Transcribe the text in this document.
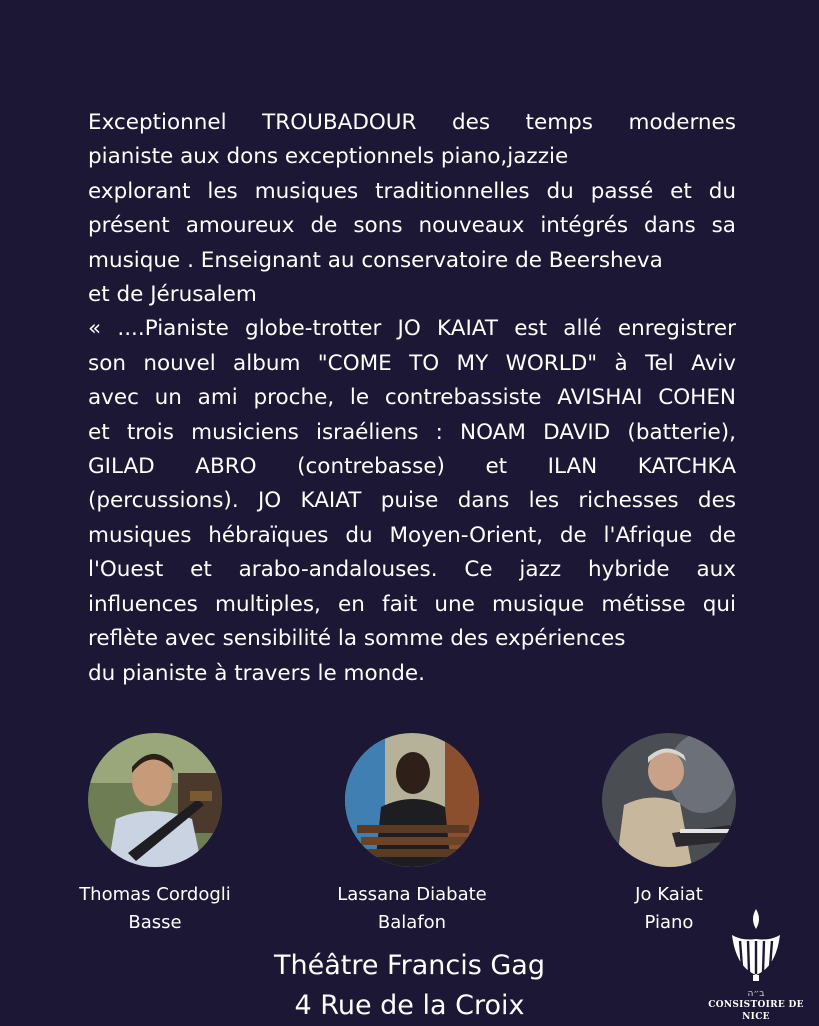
Exceptionnel TROUBADOUR des temps modernes

pianiste aux dons exceptionnels piano,jazzie

explorant les musiques traditionnelles du passé et du

présent amoureux de sons nouveaux intégrés dans sa

musique . Enseignant au conservatoire de Beersheva

et de Jérusalem

« ....Pianiste globe-trotter JO KAIAT est allé enregistrer

son nouvel album "COME TO MY WORLD" à Tel Aviv

avec un ami proche, le contrebassiste AVISHAI COHEN

et trois musiciens israéliens : NOAM DAVID (batterie),

GILAD ABRO (contrebasse) et ILAN KATCHKA

(percussions). JO KAIAT puise dans les richesses des

musiques hébraïques du Moyen-Orient, de l'Afrique de

l'Ouest et arabo-andalouses. Ce jazz hybride aux

influences multiples, en fait une musique métisse qui

reflète avec sensibilité la somme des expériences

du pianiste à travers le monde.

Thomas Cordogli
Basse
Lassana Diabate
Balafon
Jo Kaiat
Piano
Théâtre Francis Gag
4 Rue de la Croix	ב״ה
CONSISTOIRE DE NICE
